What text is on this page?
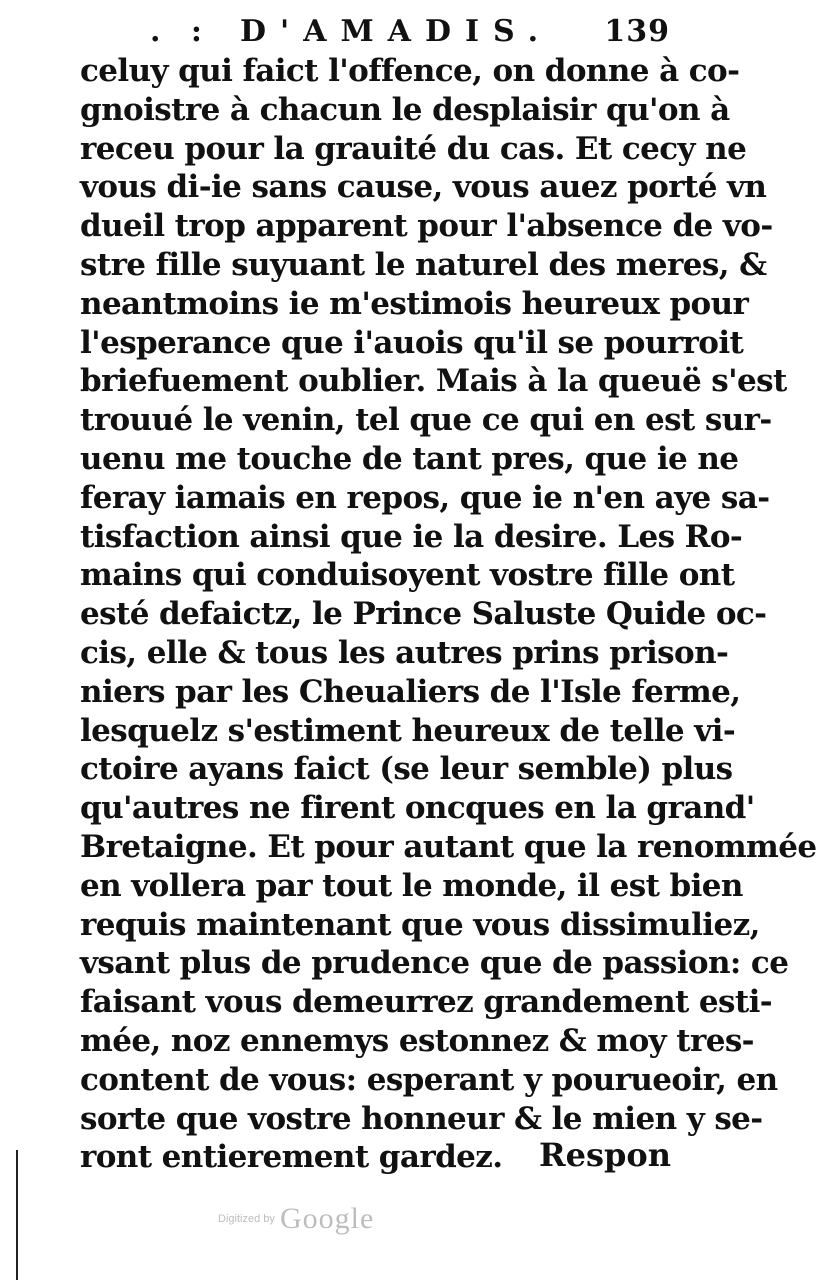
. : D'AMADIS. 139
celuy qui faict l'offence, on donne à co-
gnoistre à chacun le desplaisir qu'on à
receu pour la grauité du cas. Et cecy ne
vous di-ie sans cause, vous auez porté vn
dueil trop apparent pour l'absence de vo-
stre fille suyuant le naturel des meres, &
neantmoins ie m'estimois heureux pour
l'esperance que i'auois qu'il se pourroit
briefuement oublier. Mais à la queuë s'est
trouué le venin, tel que ce qui en est sur-
uenu me touche de tant pres, que ie ne
feray iamais en repos, que ie n'en aye sa-
tisfaction ainsi que ie la desire. Les Ro-
mains qui conduisoyent vostre fille ont
esté defaictz, le Prince Saluste Quide oc-
cis, elle & tous les autres prins prison-
niers par les Cheualiers de l'Isle ferme,
lesquelz s'estiment heureux de telle vi-
ctoire ayans faict (se leur semble) plus
qu'autres ne firent oncques en la grand'
Bretaigne. Et pour autant que la renommée
en vollera par tout le monde, il est bien
requis maintenant que vous dissimuliez,
vsant plus de prudence que de passion: ce
faisant vous demeurrez grandement esti-
mée, noz ennemys estonnez & moy tres-
content de vous: esperant y pourueoir, en
sorte que vostre honneur & le mien y se-
ront entierement gardez.	Respon
Digitized by Google
